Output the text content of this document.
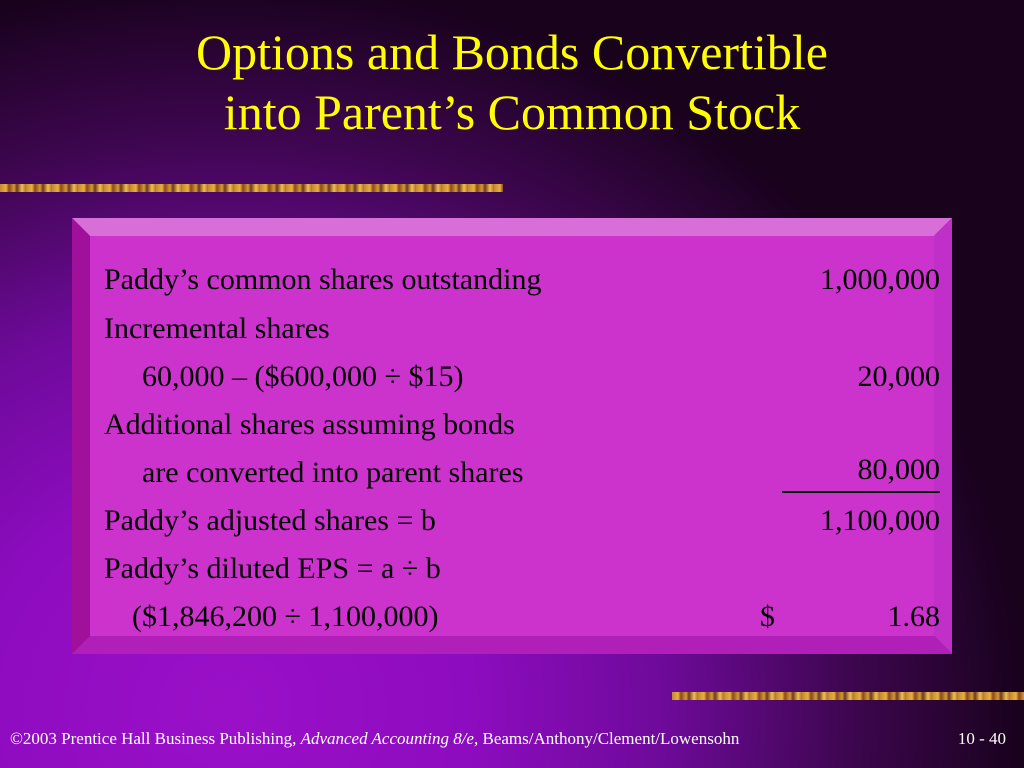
Options and Bonds Convertible
into Parent’s Common Stock
Paddy’s common shares outstanding	1,000,000
Incremental shares
60,000 – ($600,000 ÷ $15)	20,000
Additional shares assuming bonds
are converted into parent shares	80,000
Paddy’s adjusted shares = b	1,100,000
Paddy’s diluted EPS = a ÷ b
($1,846,200 ÷ 1,100,000)	$	1.68
©2003 Prentice Hall Business Publishing, Advanced Accounting 8/e, Beams/Anthony/Clement/Lowensohn	10 - 40
